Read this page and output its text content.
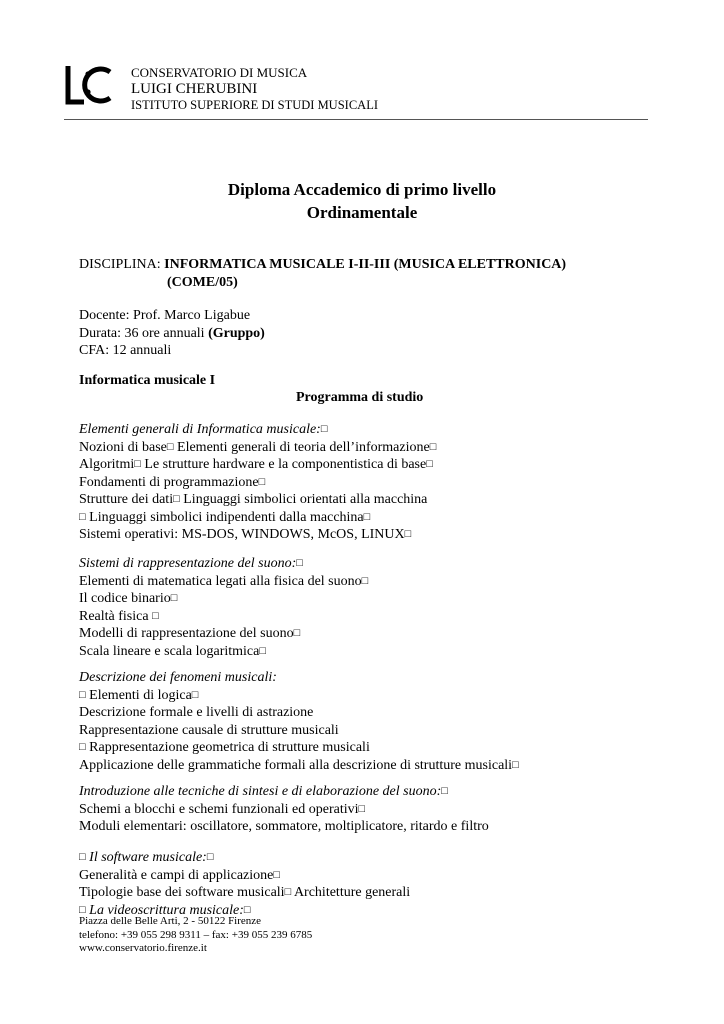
CONSERVATORIO DI MUSICA
LUIGI CHERUBINI
ISTITUTO SUPERIORE DI STUDI MUSICALI
Diploma Accademico di primo livello
Ordinamentale
DISCIPLINA: INFORMATICA MUSICALE I-II-III (MUSICA ELETTRONICA)
(COME/05)
Docente: Prof. Marco Ligabue
Durata: 36 ore annuali (Gruppo)
CFA: 12 annuali
Informatica musicale I
Programma di studio
Elementi generali di Informatica musicale:□
Nozioni di base□ Elementi generali di teoria dell’informazione□
Algoritmi□ Le strutture hardware e la componentistica di base□
Fondamenti di programmazione□
Strutture dei dati□ Linguaggi simbolici orientati alla macchina
□ Linguaggi simbolici indipendenti dalla macchina□
Sistemi operativi: MS-DOS, WINDOWS, McOS, LINUX□
Sistemi di rappresentazione del suono:□
Elementi di matematica legati alla fisica del suono□
Il codice binario□
Realtà fisica □
Modelli di rappresentazione del suono□
Scala lineare e scala logaritmica□
Descrizione dei fenomeni musicali:
□ Elementi di logica□
Descrizione formale e livelli di astrazione
Rappresentazione causale di strutture musicali
□ Rappresentazione geometrica di strutture musicali
Applicazione delle grammatiche formali alla descrizione di strutture musicali□
Introduzione alle tecniche di sintesi e di elaborazione del suono:□
Schemi a blocchi e schemi funzionali ed operativi□
Moduli elementari: oscillatore, sommatore, moltiplicatore, ritardo e filtro
□ Il software musicale:□
Generalità e campi di applicazione□
Tipologie base dei software musicali□ Architetture generali
□ La videoscrittura musicale:□
Piazza delle Belle Arti, 2 - 50122 Firenze
telefono: +39 055 298 9311 – fax: +39 055 239 6785
www.conservatorio.firenze.it
